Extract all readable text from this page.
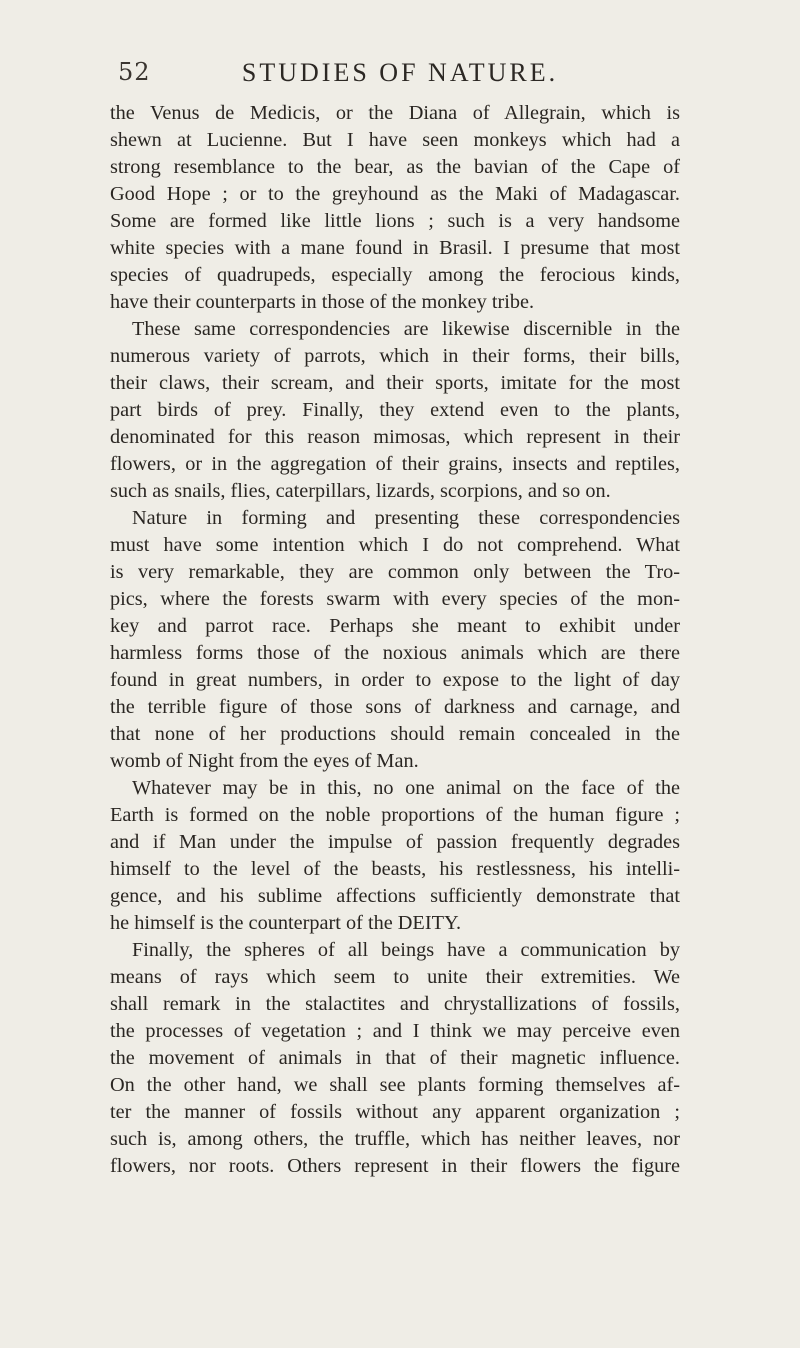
52	STUDIES OF NATURE.
the Venus de Medicis, or the Diana of Allegrain, which is
shewn at Lucienne. But I have seen monkeys which had a
strong resemblance to the bear, as the bavian of the Cape of
Good Hope ; or to the greyhound as the Maki of Madagascar.
Some are formed like little lions ; such is a very handsome
white species with a mane found in Brasil. I presume that most
species of quadrupeds, especially among the ferocious kinds,
have their counterparts in those of the monkey tribe.
These same correspondencies are likewise discernible in the
numerous variety of parrots, which in their forms, their bills,
their claws, their scream, and their sports, imitate for the most
part birds of prey. Finally, they extend even to the plants,
denominated for this reason mimosas, which represent in their
flowers, or in the aggregation of their grains, insects and reptiles,
such as snails, flies, caterpillars, lizards, scorpions, and so on.
Nature in forming and presenting these correspondencies
must have some intention which I do not comprehend. What
is very remarkable, they are common only between the Tro-
pics, where the forests swarm with every species of the mon-
key and parrot race. Perhaps she meant to exhibit under
harmless forms those of the noxious animals which are there
found in great numbers, in order to expose to the light of day
the terrible figure of those sons of darkness and carnage, and
that none of her productions should remain concealed in the
womb of Night from the eyes of Man.
Whatever may be in this, no one animal on the face of the
Earth is formed on the noble proportions of the human figure ;
and if Man under the impulse of passion frequently degrades
himself to the level of the beasts, his restlessness, his intelli-
gence, and his sublime affections sufficiently demonstrate that
he himself is the counterpart of the DEITY.
Finally, the spheres of all beings have a communication by
means of rays which seem to unite their extremities. We
shall remark in the stalactites and chrystallizations of fossils,
the processes of vegetation ; and I think we may perceive even
the movement of animals in that of their magnetic influence.
On the other hand, we shall see plants forming themselves af-
ter the manner of fossils without any apparent organization ;
such is, among others, the truffle, which has neither leaves, nor
flowers, nor roots. Others represent in their flowers the figure
